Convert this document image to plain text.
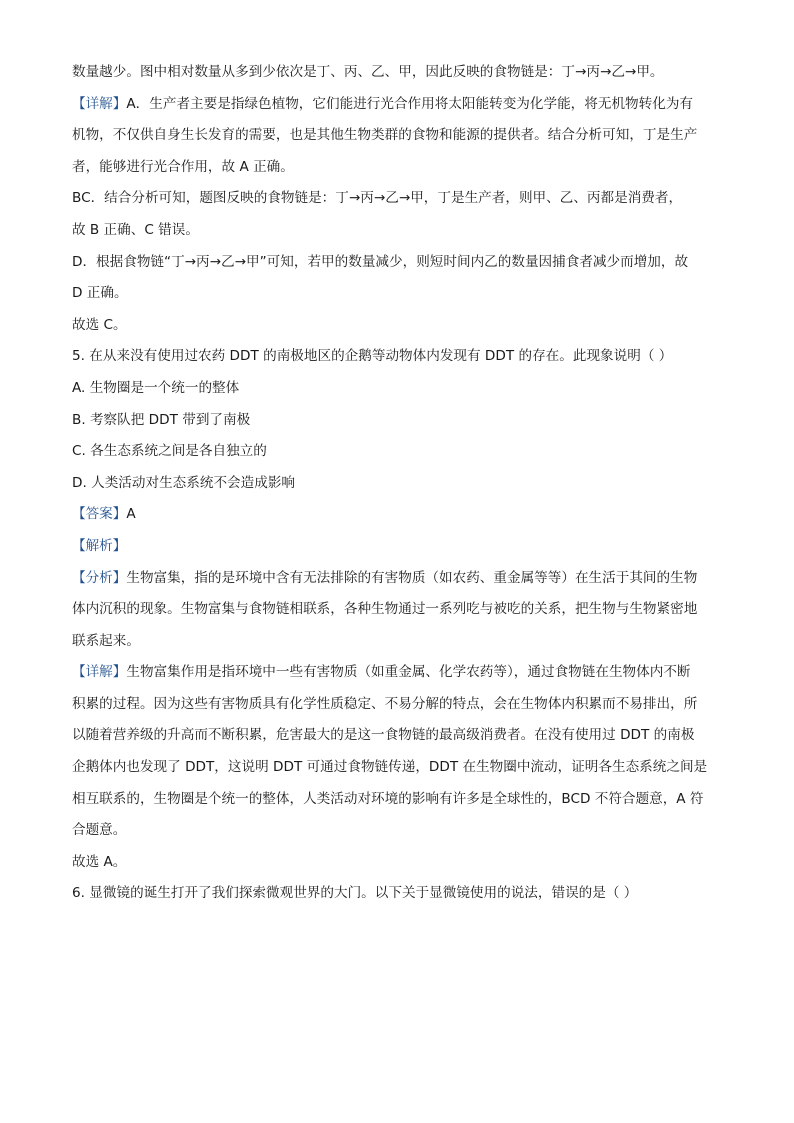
数量越少。图中相对数量从多到少依次是丁、丙、乙、甲，因此反映的食物链是：丁→丙→乙→甲。

【详解】A．生产者主要是指绿色植物，它们能进行光合作用将太阳能转变为化学能，将无机物转化为有

机物，不仅供自身生长发育的需要，也是其他生物类群的食物和能源的提供者。结合分析可知，丁是生产

者，能够进行光合作用，故 A 正确。

BC．结合分析可知，题图反映的食物链是：丁→丙→乙→甲，丁是生产者，则甲、乙、丙都是消费者，

故 B 正确、C 错误。

D．根据食物链“丁→丙→乙→甲”可知，若甲的数量减少，则短时间内乙的数量因捕食者减少而增加，故

D 正确。

故选 C。

5. 在从来没有使用过农药 DDT 的南极地区的企鹅等动物体内发现有 DDT 的存在。此现象说明（ ）

A. 生物圈是一个统一的整体

B. 考察队把 DDT 带到了南极

C. 各生态系统之间是各自独立的

D. 人类活动对生态系统不会造成影响

【答案】A

【解析】

【分析】生物富集，指的是环境中含有无法排除的有害物质（如农药、重金属等等）在生活于其间的生物

体内沉积的现象。生物富集与食物链相联系，各种生物通过一系列吃与被吃的关系，把生物与生物紧密地

联系起来。

【详解】生物富集作用是指环境中一些有害物质（如重金属、化学农药等），通过食物链在生物体内不断

积累的过程。因为这些有害物质具有化学性质稳定、不易分解的特点，会在生物体内积累而不易排出，所

以随着营养级的升高而不断积累，危害最大的是这一食物链的最高级消费者。在没有使用过 DDT 的南极

企鹅体内也发现了 DDT，这说明 DDT 可通过食物链传递，DDT 在生物圈中流动，证明各生态系统之间是

相互联系的，生物圈是个统一的整体，人类活动对环境的影响有许多是全球性的，BCD 不符合题意，A 符

合题意。

故选 A。

6. 显微镜的诞生打开了我们探索微观世界的大门。以下关于显微镜使用的说法，错误的是（ ）
